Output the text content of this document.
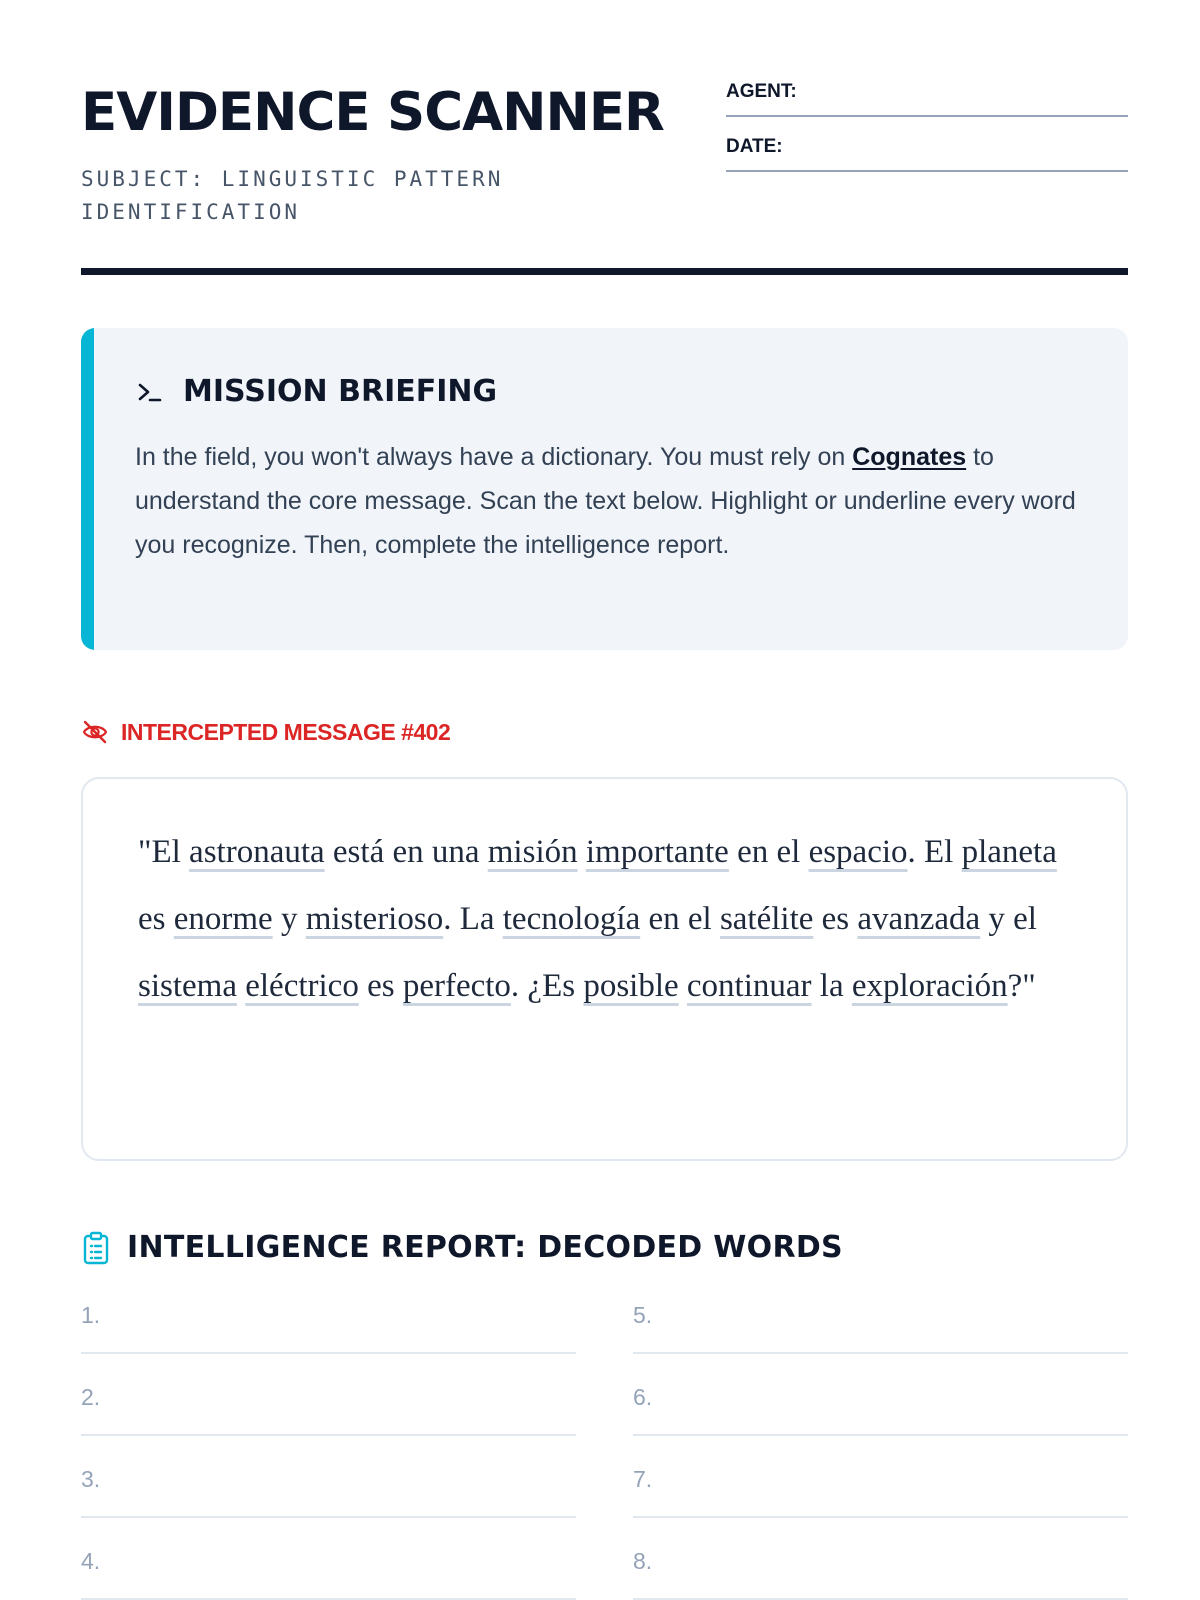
EVIDENCE SCANNER
SUBJECT: LINGUISTIC PATTERN IDENTIFICATION
AGENT:
DATE:
MISSION BRIEFING
In the field, you won't always have a dictionary. You must rely on Cognates to understand the core message. Scan the text below. Highlight or underline every word you recognize. Then, complete the intelligence report.
INTERCEPTED MESSAGE #402
"El astronauta está en una misión importante en el espacio. El planeta es enorme y misterioso. La tecnología en el satélite es avanzada y el sistema eléctrico es perfecto. ¿Es posible continuar la exploración?"
INTELLIGENCE REPORT: DECODED WORDS
1.
2.
3.
4.
5.
6.
7.
8.
